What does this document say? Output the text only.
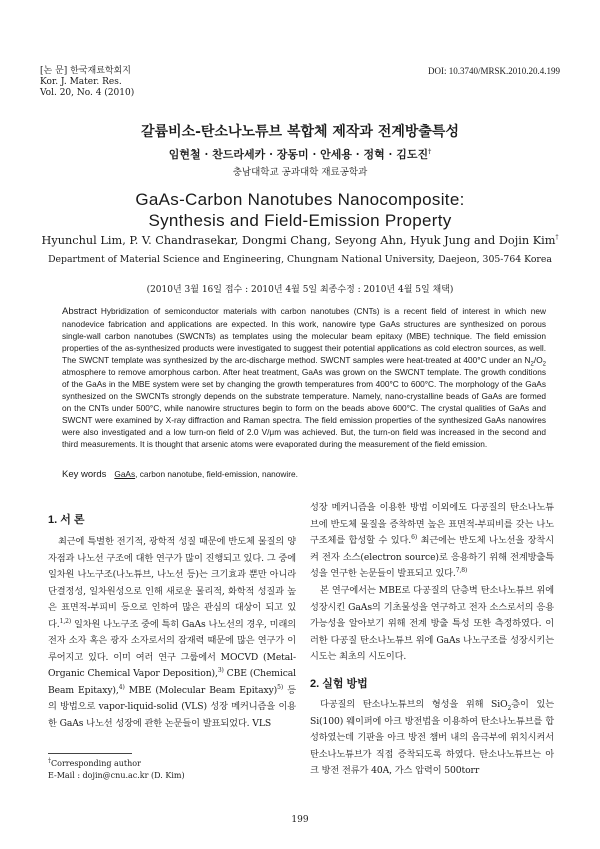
[논 문] 한국재료학회지
Kor. J. Mater. Res.
Vol. 20, No. 4 (2010)
DOI: 10.3740/MRSK.2010.20.4.199
갈륨비소-탄소나노튜브 복합체 제작과 전계방출특성
임현철 · 찬드라세카 · 장동미 · 안세용 · 정혁 · 김도진†
충남대학교 공과대학 재료공학과
GaAs-Carbon Nanotubes Nanocomposite:
Synthesis and Field-Emission Property
Hyunchul Lim, P. V. Chandrasekar, Dongmi Chang, Seyong Ahn, Hyuk Jung and Dojin Kim†
Department of Material Science and Engineering, Chungnam National University, Daejeon, 305-764 Korea
(2010년 3월 16일 접수 : 2010년 4월 5일 최종수정 : 2010년 4월 5일 채택)

Abstract Hybridization of semiconductor materials with carbon nanotubes (CNTs) is a recent field of interest in which new nanodevice fabrication and applications are expected. In this work, nanowire type GaAs structures are synthesized on porous single-wall carbon nanotubes (SWCNTs) as templates using the molecular beam epitaxy (MBE) technique. The field emission properties of the as-synthesized products were investigated to suggest their potential applications as cold electron sources, as well. The SWCNT template was synthesized by the arc-discharge method. SWCNT samples were heat-treated at 400°C under an $N_2/O_2$ atmosphere to remove amorphous carbon. After heat treatment, GaAs was grown on the SWCNT template. The growth conditions of the GaAs in the MBE system were set by changing the growth temperatures from 400°C to 600°C. The morphology of the GaAs synthesized on the SWCNTs strongly depends on the substrate temperature. Namely, nano-crystalline beads of GaAs are formed on the CNTs under 500°C, while nanowire structures begin to form on the beads above 600°C. The crystal qualities of GaAs and SWCNT were examined by X-ray diffraction and Raman spectra. The field emission properties of the synthesized GaAs nanowires were also investigated and a low turn-on field of 2.0 V/μm was achieved. But, the turn-on field was increased in the second and third measurements. It is thought that arsenic atoms were evaporated during the measurement of the field emission.

Key words GaAs, carbon nanotube, field-emission, nanowire.
1. 서 론

최근에 특별한 전기적, 광학적 성질 때문에 반도체 물질의 양자점과 나노선 구조에 대한 연구가 많이 진행되고 있다. 그 중에 일차원 나노구조(나노튜브, 나노선 등)는 크기효과 뿐만 아니라 단결정성, 일차원성으로 인해 새로운 물리적, 화학적 성질과 높은 표면적-부피비 등으로 인하여 많은 관심의 대상이 되고 있다.$^{1,2)}$ 일차원 나노구조 중에 특히 GaAs 나노선의 경우, 미래의 전자 소자 혹은 광자 소자로서의 잠재력 때문에 많은 연구가 이루어지고 있다. 이미 여러 연구 그룹에서 MOCVD (Metal-Organic Chemical Vapor Deposition),$^{3)}$ CBE (Chemical Beam Epitaxy),$^{4)}$ MBE (Molecular Beam Epitaxy)$^{5)}$ 등의 방법으로 vapor-liquid-solid (VLS) 성장 메커니즘을 이용한 GaAs 나노선 성장에 관한 논문들이 발표되었다. VLS

성장 메커니즘을 이용한 방법 이외에도 다공질의 탄소나노튜브에 반도체 물질을 증착하면 높은 표면적-부피비를 갖는 나노 구조체를 합성할 수 있다.$^{6)}$ 최근에는 반도체 나노선을 장착시켜 전자 소스(electron source)로 응용하기 위해 전계방출특성을 연구한 논문들이 발표되고 있다.$^{7,8)}$

본 연구에서는 MBE로 다공질의 단층벽 탄소나노튜브 위에 성장시킨 GaAs의 기초물성을 연구하고 전자 소스로서의 응용가능성을 알아보기 위해 전계 방출 특성 또한 측정하였다. 이러한 다공질 탄소나노튜브 위에 GaAs 나노구조를 성장시키는 시도는 최초의 시도이다.

2. 실험 방법

다공질의 탄소나노튜브의 형성을 위해 SiO$_2$층이 있는 Si(100) 웨이퍼에 아크 방전법을 이용하여 탄소나노튜브를 합성하였는데 기판을 아크 방전 챔버 내의 음극부에 위치시켜서 탄소나노튜브가 직접 증착되도록 하였다. 탄소나노튜브는 아크 방전 전류가 40A, 가스 압력이 500torr

†Corresponding author
E-Mail : dojin@cnu.ac.kr (D. Kim)
199
